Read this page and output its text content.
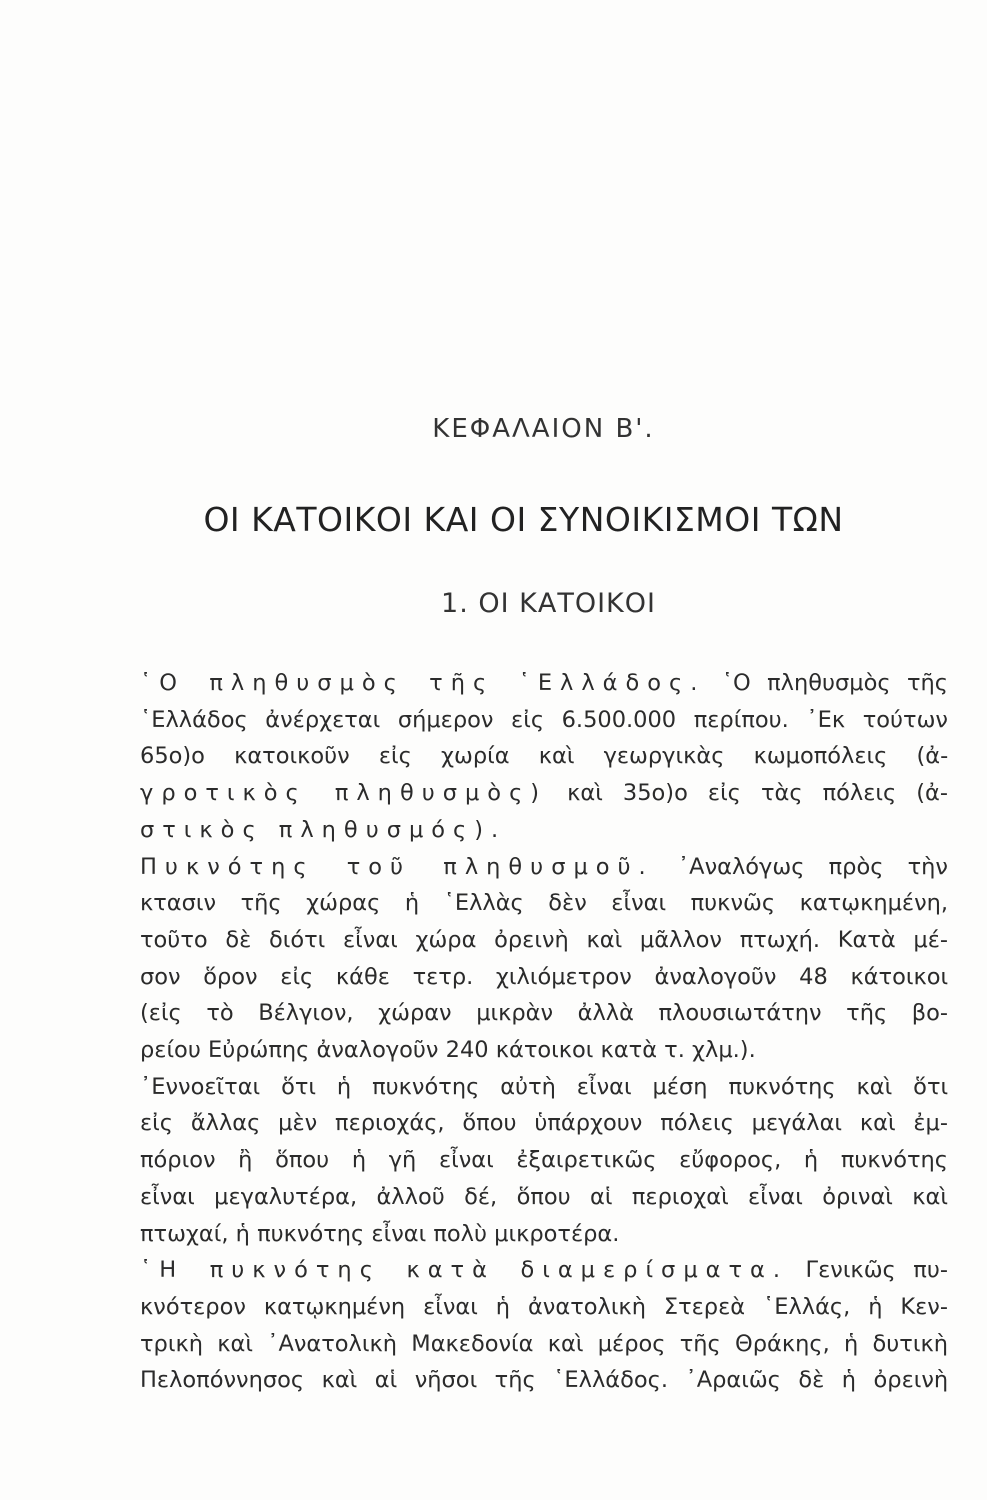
ΚΕΦΑΛΑΙΟΝ Β'.
ΟΙ ΚΑΤΟΙΚΟΙ ΚΑΙ ΟΙ ΣΥΝΟΙΚΙΣΜΟΙ ΤΩΝ
1. ΟΙ ΚΑΤΟΙΚΟΙ
῾Ο πληθυσμὸς τῆς ῾Ελλάδος. ῾Ο πληθυσμὸς τῆς
῾Ελλάδος ἀνέρχεται σήμερον εἰς 6.500.000 περίπου. ᾽Εκ τούτων
65ο)ο κατοικοῦν εἰς χωρία καὶ γεωργικὰς κωμοπόλεις (ἀ-
γροτικὸς πληθυσμὸς) καὶ 35ο)ο εἰς τὰς πόλεις (ἀ-
στικὸς πληθυσμός).
Πυκνότης τοῦ πληθυσμοῦ. ᾽Αναλόγως πρὸς τὴν
κτασιν τῆς χώρας ἡ ῾Ελλὰς δὲν εἶναι πυκνῶς κατῳκημένη,
τοῦτο δὲ διότι εἶναι χώρα ὀρεινὴ καὶ μᾶλλον πτωχή. Κατὰ μέ-
σον ὅρον εἰς κάθε τετρ. χιλιόμετρον ἀναλογοῦν 48 κάτοικοι
(εἰς τὸ Βέλγιον, χώραν μικρὰν ἀλλὰ πλουσιωτάτην τῆς βο-
ρείου Εὐρώπης ἀναλογοῦν 240 κάτοικοι κατὰ τ. χλμ.).
᾽Εννοεῖται ὅτι ἡ πυκνότης αὐτὴ εἶναι μέση πυκνότης καὶ ὅτι
εἰς ἄλλας μὲν περιοχάς, ὅπου ὑπάρχουν πόλεις μεγάλαι καὶ ἐμ-
πόριον ἢ ὅπου ἡ γῆ εἶναι ἐξαιρετικῶς εὔφορος, ἡ πυκνότης
εἶναι μεγαλυτέρα, ἀλλοῦ δέ, ὅπου αἱ περιοχαὶ εἶναι ὀριναὶ καὶ
πτωχαί, ἡ πυκνότης εἶναι πολὺ μικροτέρα.
῾Η πυκνότης κατὰ διαμερίσματα. Γενικῶς πυ-
κνότερον κατῳκημένη εἶναι ἡ ἀνατολικὴ Στερεὰ ῾Ελλάς, ἡ Κεν-
τρικὴ καὶ ᾽Ανατολικὴ Μακεδονία καὶ μέρος τῆς Θράκης, ἡ δυτικὴ
Πελοπόννησος καὶ αἱ νῆσοι τῆς ῾Ελλάδος. ᾽Αραιῶς δὲ ἡ ὀρεινὴ
